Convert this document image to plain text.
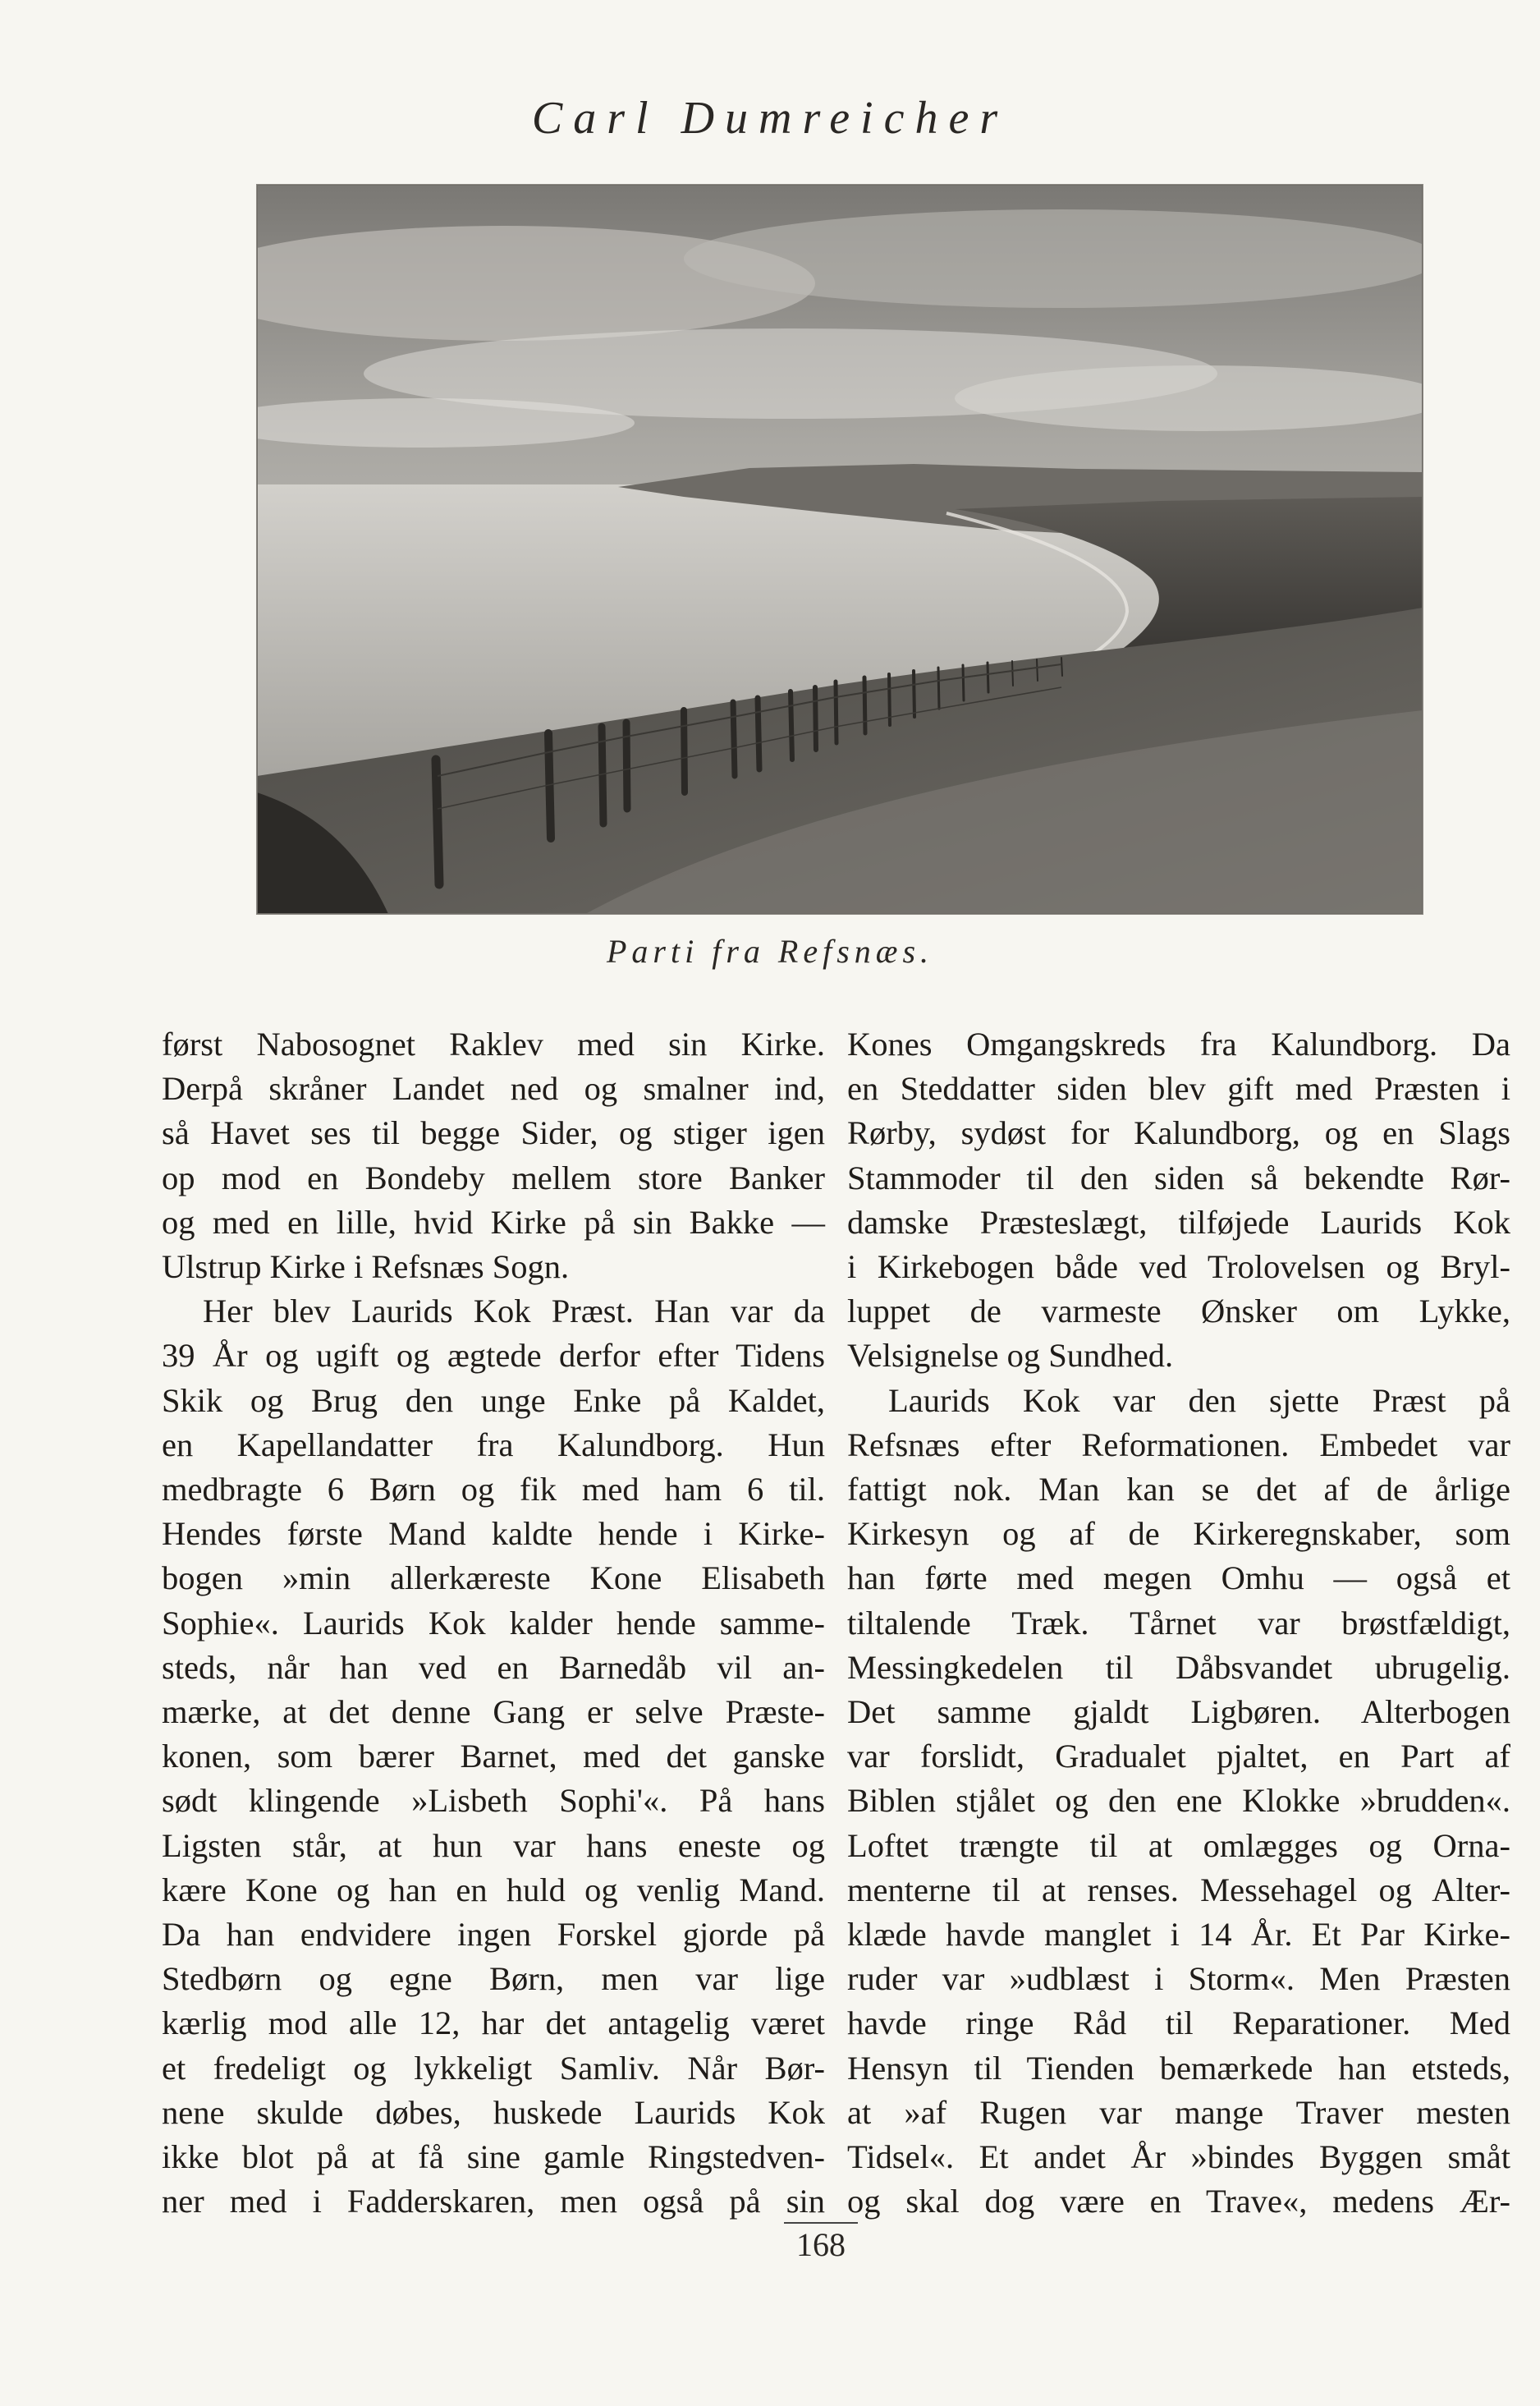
Carl Dumreicher
Parti fra Refsnæs.

først Nabosognet Raklev med sin Kirke.
Derpå skråner Landet ned og smalner ind,
så Havet ses til begge Sider, og stiger igen
op mod en Bondeby mellem store Banker
og med en lille, hvid Kirke på sin Bakke —
Ulstrup Kirke i Refsnæs Sogn.

Her blev Laurids Kok Præst. Han var da
39 År og ugift og ægtede derfor efter Tidens
Skik og Brug den unge Enke på Kaldet,
en Kapellandatter fra Kalundborg. Hun
medbragte 6 Børn og fik med ham 6 til.
Hendes første Mand kaldte hende i Kirke-
bogen »min allerkæreste Kone Elisabeth
Sophie«. Laurids Kok kalder hende samme-
steds, når han ved en Barnedåb vil an-
mærke, at det denne Gang er selve Præste-
konen, som bærer Barnet, med det ganske
sødt klingende »Lisbeth Sophi'«. På hans
Ligsten står, at hun var hans eneste og
kære Kone og han en huld og venlig Mand.
Da han endvidere ingen Forskel gjorde på
Stedbørn og egne Børn, men var lige
kærlig mod alle 12, har det antagelig været
et fredeligt og lykkeligt Samliv. Når Bør-
nene skulde døbes, huskede Laurids Kok
ikke blot på at få sine gamle Ringstedven-
ner med i Fadderskaren, men også på sin

Kones Omgangskreds fra Kalundborg. Da
en Steddatter siden blev gift med Præsten i
Rørby, sydøst for Kalundborg, og en Slags
Stammoder til den siden så bekendte Rør-
damske Præsteslægt, tilføjede Laurids Kok
i Kirkebogen både ved Trolovelsen og Bryl-
luppet de varmeste Ønsker om Lykke,
Velsignelse og Sundhed.

Laurids Kok var den sjette Præst på
Refsnæs efter Reformationen. Embedet var
fattigt nok. Man kan se det af de årlige
Kirkesyn og af de Kirkeregnskaber, som
han førte med megen Omhu — også et
tiltalende Træk. Tårnet var brøstfældigt,
Messingkedelen til Dåbsvandet ubrugelig.
Det samme gjaldt Ligbøren. Alterbogen
var forslidt, Gradualet pjaltet, en Part af
Biblen stjålet og den ene Klokke »brudden«.
Loftet trængte til at omlægges og Orna-
menterne til at renses. Messehagel og Alter-
klæde havde manglet i 14 År. Et Par Kirke-
ruder var »udblæst i Storm«. Men Præsten
havde ringe Råd til Reparationer. Med
Hensyn til Tienden bemærkede han etsteds,
at »af Rugen var mange Traver mesten
Tidsel«. Et andet År »bindes Byggen småt
og skal dog være en Trave«, medens Ær-

168
